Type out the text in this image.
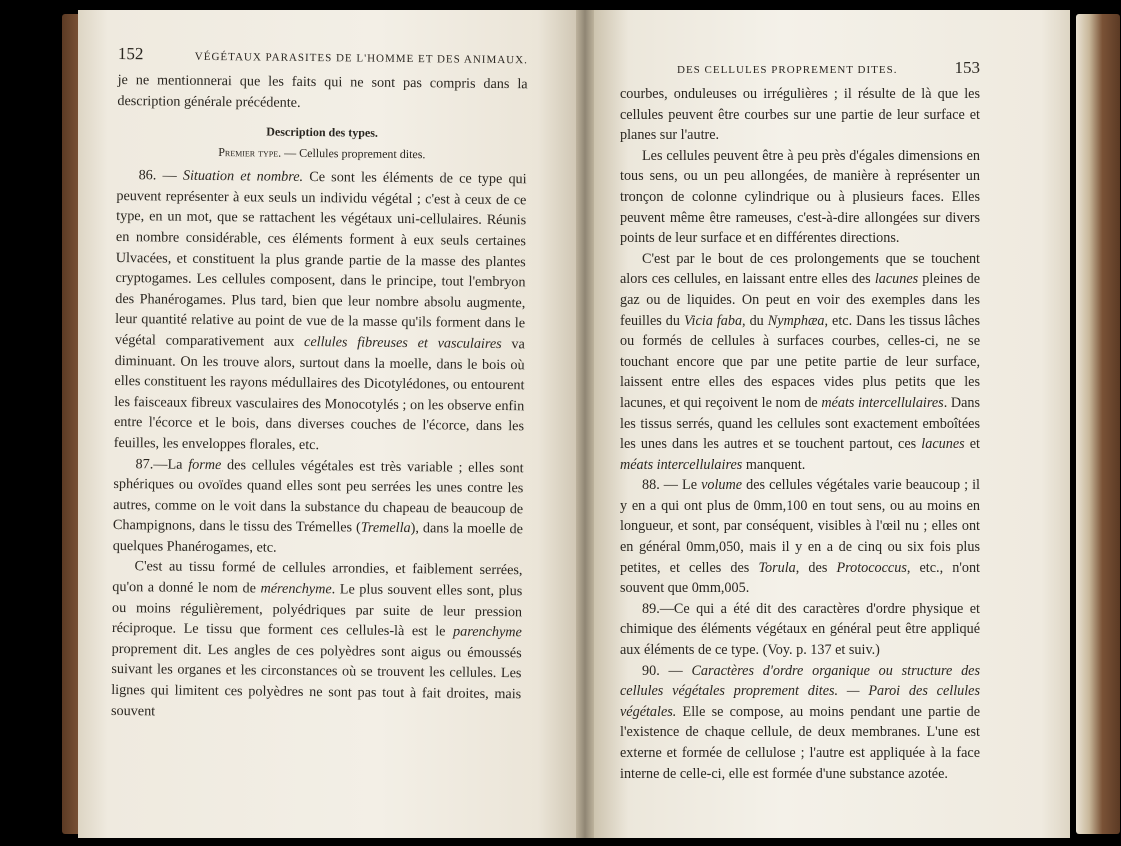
152	VÉGÉTAUX PARASITES DE L'HOMME ET DES ANIMAUX.

je ne mentionnerai que les faits qui ne sont pas compris dans la description générale précédente.

Description des types.
Premier type. — Cellules proprement dites.

86. — Situation et nombre. Ce sont les éléments de ce type qui peuvent représenter à eux seuls un individu végétal ; c'est à ceux de ce type, en un mot, que se rattachent les végétaux uni-cellulaires. Réunis en nombre considérable, ces éléments forment à eux seuls certaines Ulvacées, et constituent la plus grande partie de la masse des plantes cryptogames. Les cellules composent, dans le principe, tout l'embryon des Phanérogames. Plus tard, bien que leur nombre absolu augmente, leur quantité relative au point de vue de la masse qu'ils forment dans le végétal comparativement aux cellules fibreuses et vasculaires va diminuant. On les trouve alors, surtout dans la moelle, dans le bois où elles constituent les rayons médullaires des Dicotylédones, ou entourent les faisceaux fibreux vasculaires des Monocotylés ; on les observe enfin entre l'écorce et le bois, dans diverses couches de l'écorce, dans les feuilles, les enveloppes florales, etc.

87.—La forme des cellules végétales est très variable ; elles sont sphériques ou ovoïdes quand elles sont peu serrées les unes contre les autres, comme on le voit dans la substance du chapeau de beaucoup de Champignons, dans le tissu des Trémelles (Tremella), dans la moelle de quelques Phanérogames, etc.

C'est au tissu formé de cellules arrondies, et faiblement serrées, qu'on a donné le nom de mérenchyme. Le plus souvent elles sont, plus ou moins régulièrement, polyédriques par suite de leur pression réciproque. Le tissu que forment ces cellules-là est le parenchyme proprement dit. Les angles de ces polyèdres sont aigus ou émoussés suivant les organes et les circonstances où se trouvent les cellules. Les lignes qui limitent ces polyèdres ne sont pas tout à fait droites, mais souvent

DES CELLULES PROPREMENT DITES.	153

courbes, onduleuses ou irrégulières ; il résulte de là que les cellules peuvent être courbes sur une partie de leur surface et planes sur l'autre.

Les cellules peuvent être à peu près d'égales dimensions en tous sens, ou un peu allongées, de manière à représenter un tronçon de colonne cylindrique ou à plusieurs faces. Elles peuvent même être rameuses, c'est-à-dire allongées sur divers points de leur surface et en différentes directions.

C'est par le bout de ces prolongements que se touchent alors ces cellules, en laissant entre elles des lacunes pleines de gaz ou de liquides. On peut en voir des exemples dans les feuilles du Vicia faba, du Nymphæa, etc. Dans les tissus lâches ou formés de cellules à surfaces courbes, celles-ci, ne se touchant encore que par une petite partie de leur surface, laissent entre elles des espaces vides plus petits que les lacunes, et qui reçoivent le nom de méats intercellulaires. Dans les tissus serrés, quand les cellules sont exactement emboîtées les unes dans les autres et se touchent partout, ces lacunes et méats intercellulaires manquent.

88. — Le volume des cellules végétales varie beaucoup ; il y en a qui ont plus de 0mm,100 en tout sens, ou au moins en longueur, et sont, par conséquent, visibles à l'œil nu ; elles ont en général 0mm,050, mais il y en a de cinq ou six fois plus petites, et celles des Torula, des Protococcus, etc., n'ont souvent que 0mm,005.

89.—Ce qui a été dit des caractères d'ordre physique et chimique des éléments végétaux en général peut être appliqué aux éléments de ce type. (Voy. p. 137 et suiv.)

90. — Caractères d'ordre organique ou structure des cellules végétales proprement dites. — Paroi des cellules végétales. Elle se compose, au moins pendant une partie de l'existence de chaque cellule, de deux membranes. L'une est externe et formée de cellulose ; l'autre est appliquée à la face interne de celle-ci, elle est formée d'une substance azotée.
